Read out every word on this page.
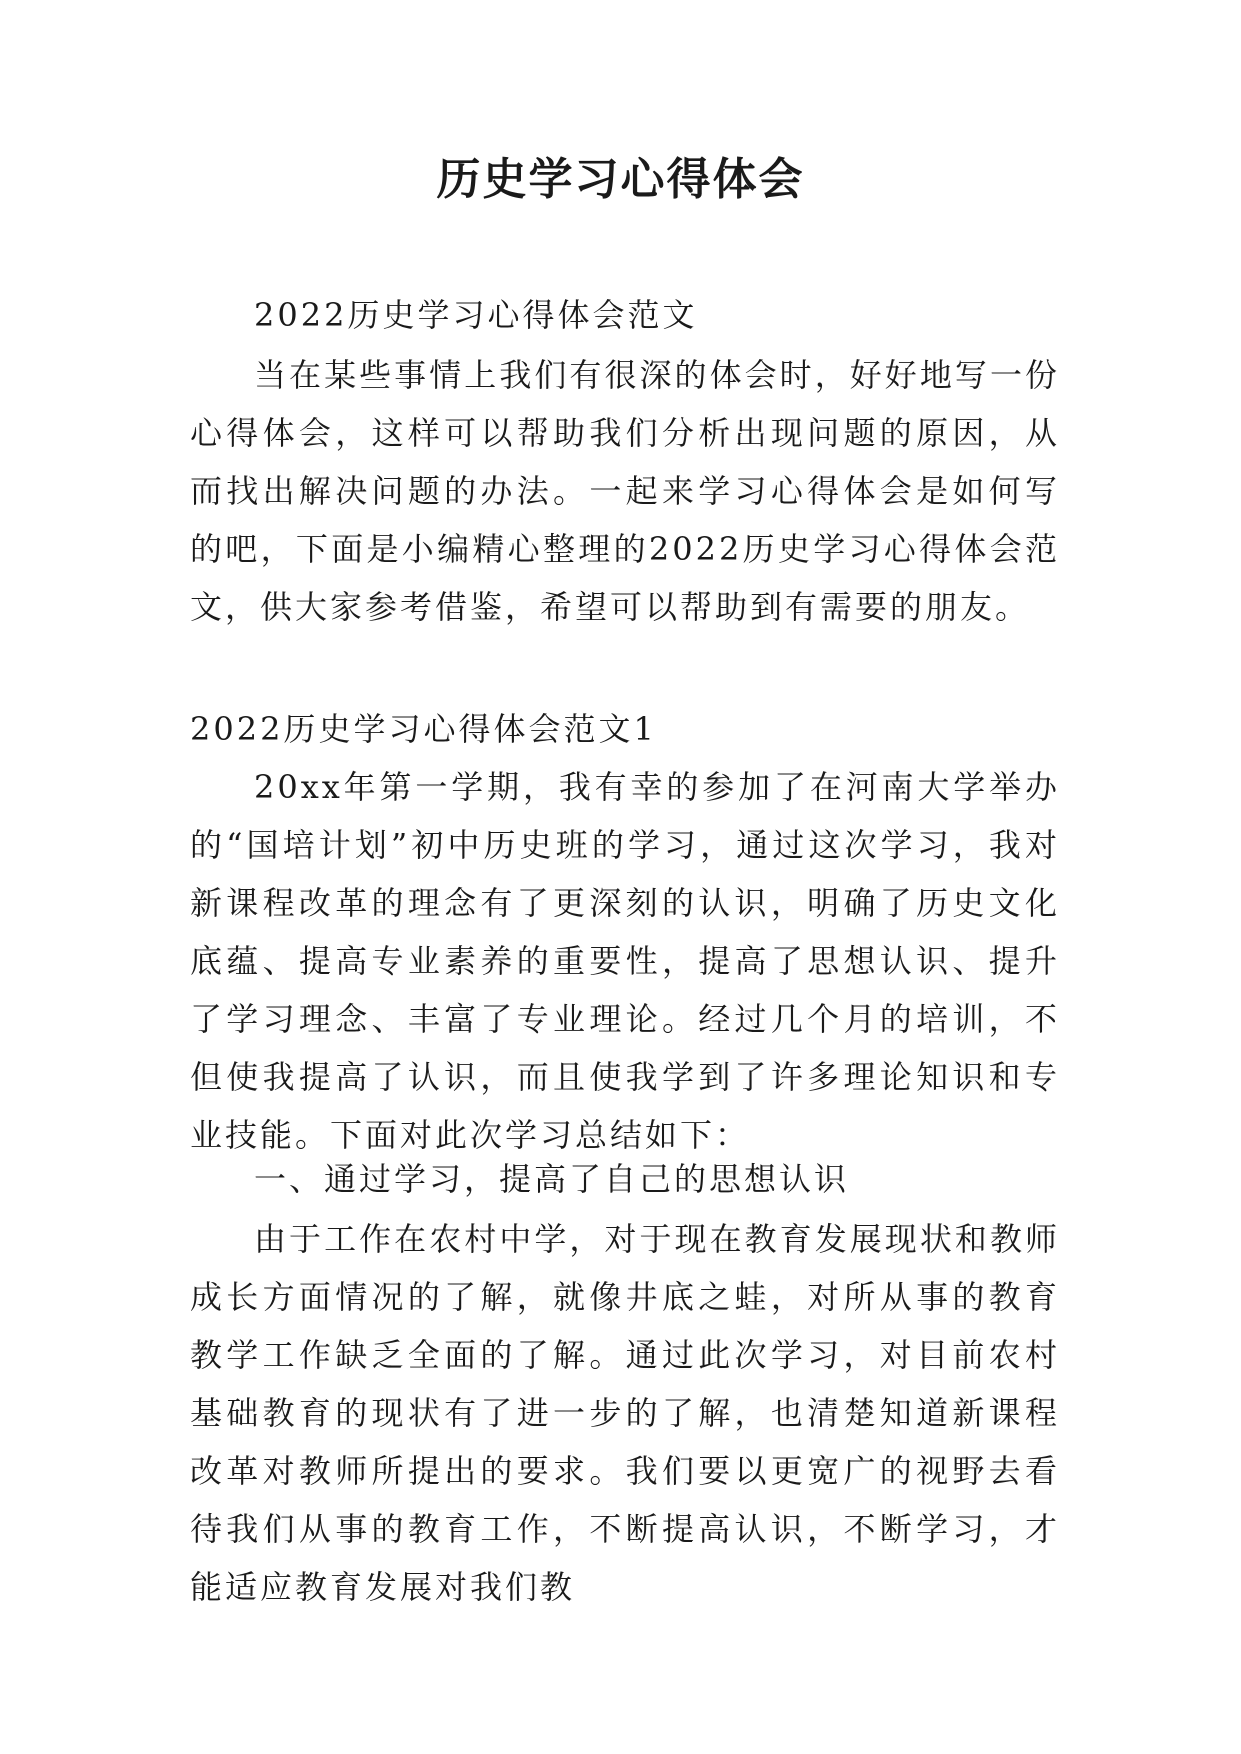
历史学习心得体会

2022历史学习心得体会范文

当在某些事情上我们有很深的体会时，好好地写一份心得体会，这样可以帮助我们分析出现问题的原因，从而找出解决问题的办法。一起来学习心得体会是如何写的吧，下面是小编精心整理的2022历史学习心得体会范文，供大家参考借鉴，希望可以帮助到有需要的朋友。

2022历史学习心得体会范文1

20xx年第一学期，我有幸的参加了在河南大学举办的“国培计划”初中历史班的学习，通过这次学习，我对新课程改革的理念有了更深刻的认识，明确了历史文化底蕴、提高专业素养的重要性，提高了思想认识、提升了学习理念、丰富了专业理论。经过几个月的培训，不但使我提高了认识，而且使我学到了许多理论知识和专业技能。下面对此次学习总结如下：

一、通过学习，提高了自己的思想认识

由于工作在农村中学，对于现在教育发展现状和教师成长方面情况的了解，就像井底之蛙，对所从事的教育教学工作缺乏全面的了解。通过此次学习，对目前农村基础教育的现状有了进一步的了解，也清楚知道新课程改革对教师所提出的要求。我们要以更宽广的视野去看待我们从事的教育工作，不断提高认识，不断学习，才能适应教育发展对我们教
